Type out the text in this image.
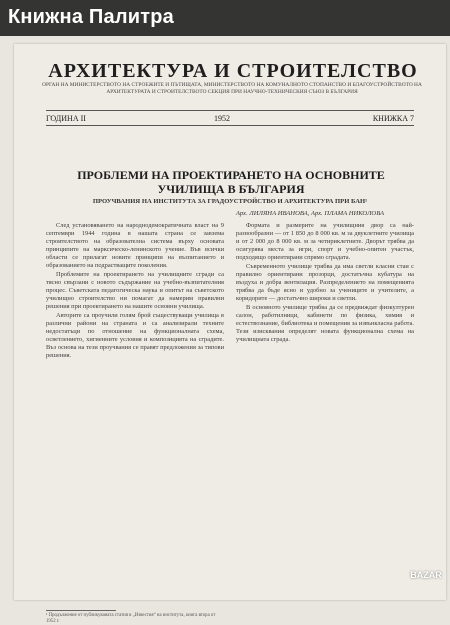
Книжна Палитра
АРХИТЕКТУРА И СТРОИТЕЛСТВО
ОРГАН НА МИНИСТЕРСТВОТО НА СТРОЕЖИТЕ И ПЪТИЩАТА, МИНИСТЕРСТВОТО НА КОМУНАЛНОТО СТОПАНСТВО И БЛАГОУСТРОЙСТВОТО НА АРХИТЕКТУРАТА И СТРОИТЕЛСТВОТО СЕКЦИЯ ПРИ НАУЧНО-ТЕХНИЧЕСКИЯ СЪЮЗ В БЪЛГАРИЯ
ГОДИНА II	1952	КНИЖКА 7
ПРОБЛЕМИ НА ПРОЕКТИРАНЕТО НА ОСНОВНИТЕ УЧИЛИЩА В БЪЛГАРИЯ
ПРОУЧВАНИЯ НА ИНСТИТУТА ЗА ГРАДОУСТРОЙСТВО И АРХИТЕКТУРА ПРИ БАН¹
Арх. ЛИЛЯНА ИВАНОВА, Арх. ПЛАМА НИКОЛОВА

След установяването на народнодемократичната власт на 9 септември 1944 година в нашата страна се завзема строителството на образователна система върху основата принципите на марксическо-ленинското учение. Във всички области се прилагат новите принципи на възпитанието и образованието на подрастващите поколения.

Проблемите на проектирането на училищните сгради са тясно свързани с новото съдържание на учебно-възпитателния процес. Съветската педагогическа наука и опитът на съветското училищно строителство ни помагат да намерим правилни решения при проектирането на нашите основни училища.

Авторите са проучили голям брой съществуващи училища в различни райони на страната и са анализирали техните недостатъци по отношение на функционалната схема, осветлението, хигиенните условия и композицията на сградите. Въз основа на тези проучвания се правят предложения за типови решения.

Формата и размерите на училищния двор са най-разнообразни — от 1 850 до 8 000 кв. м за двуклетните училища и от 2 000 до 8 000 кв. м за четириклетните. Дворът трябва да осигурява места за игри, спорт и учебно-опитен участък, подходящо ориентирани спрямо сградата.

Съвременното училище трябва да има светли класни стаи с правилно ориентирани прозорци, достатъчна кубатура на въздуха и добра вентилация. Разпределението на помещенията трябва да бъде ясно и удобно за учениците и учителите, а коридорите — достатъчно широки и светли.

В основното училище трябва да се предвиждат физкултурен салон, работилници, кабинети по физика, химия и естествознание, библиотека и помещения за извънкласна работа. Тези изисквания определят новата функционална схема на училищната сграда.

¹ Продължение от публикуваната статия в „Известия“ на института, книга втора от 1952 г.
BAZAR
